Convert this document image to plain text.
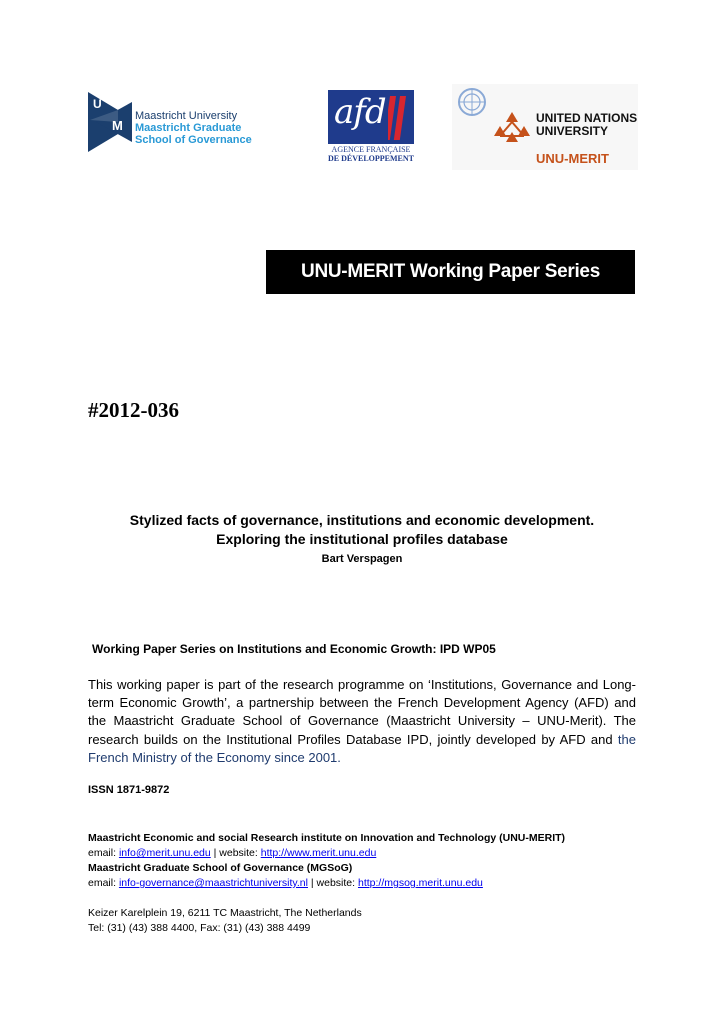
U
M
Maastricht University
Maastricht Graduate
School of Governance
afd
AGENCE FRANÇAISE
DE DÉVELOPPEMENT
UNITED NATIONS
UNIVERSITY
UNU-MERIT
UNU-MERIT Working Paper Series
#2012-036
Stylized facts of governance, institutions and economic development.
Exploring the institutional profiles database
Bart Verspagen
Working Paper Series on Institutions and Economic Growth: IPD WP05
This working paper is part of the research programme on ‘Institutions, Governance and Long-term Economic Growth’, a partnership between the French Development Agency (AFD) and the Maastricht Graduate School of Governance (Maastricht University – UNU-Merit). The research builds on the Institutional Profiles Database IPD, jointly developed by AFD and the French Ministry of the Economy since 2001.
ISSN 1871-9872
Maastricht Economic and social Research institute on Innovation and Technology (UNU-MERIT)
email: info@merit.unu.edu | website: http://www.merit.unu.edu
Maastricht Graduate School of Governance (MGSoG)
email: info-governance@maastrichtuniversity.nl | website: http://mgsog.merit.unu.edu
Keizer Karelplein 19, 6211 TC Maastricht, The Netherlands
Tel: (31) (43) 388 4400, Fax: (31) (43) 388 4499
